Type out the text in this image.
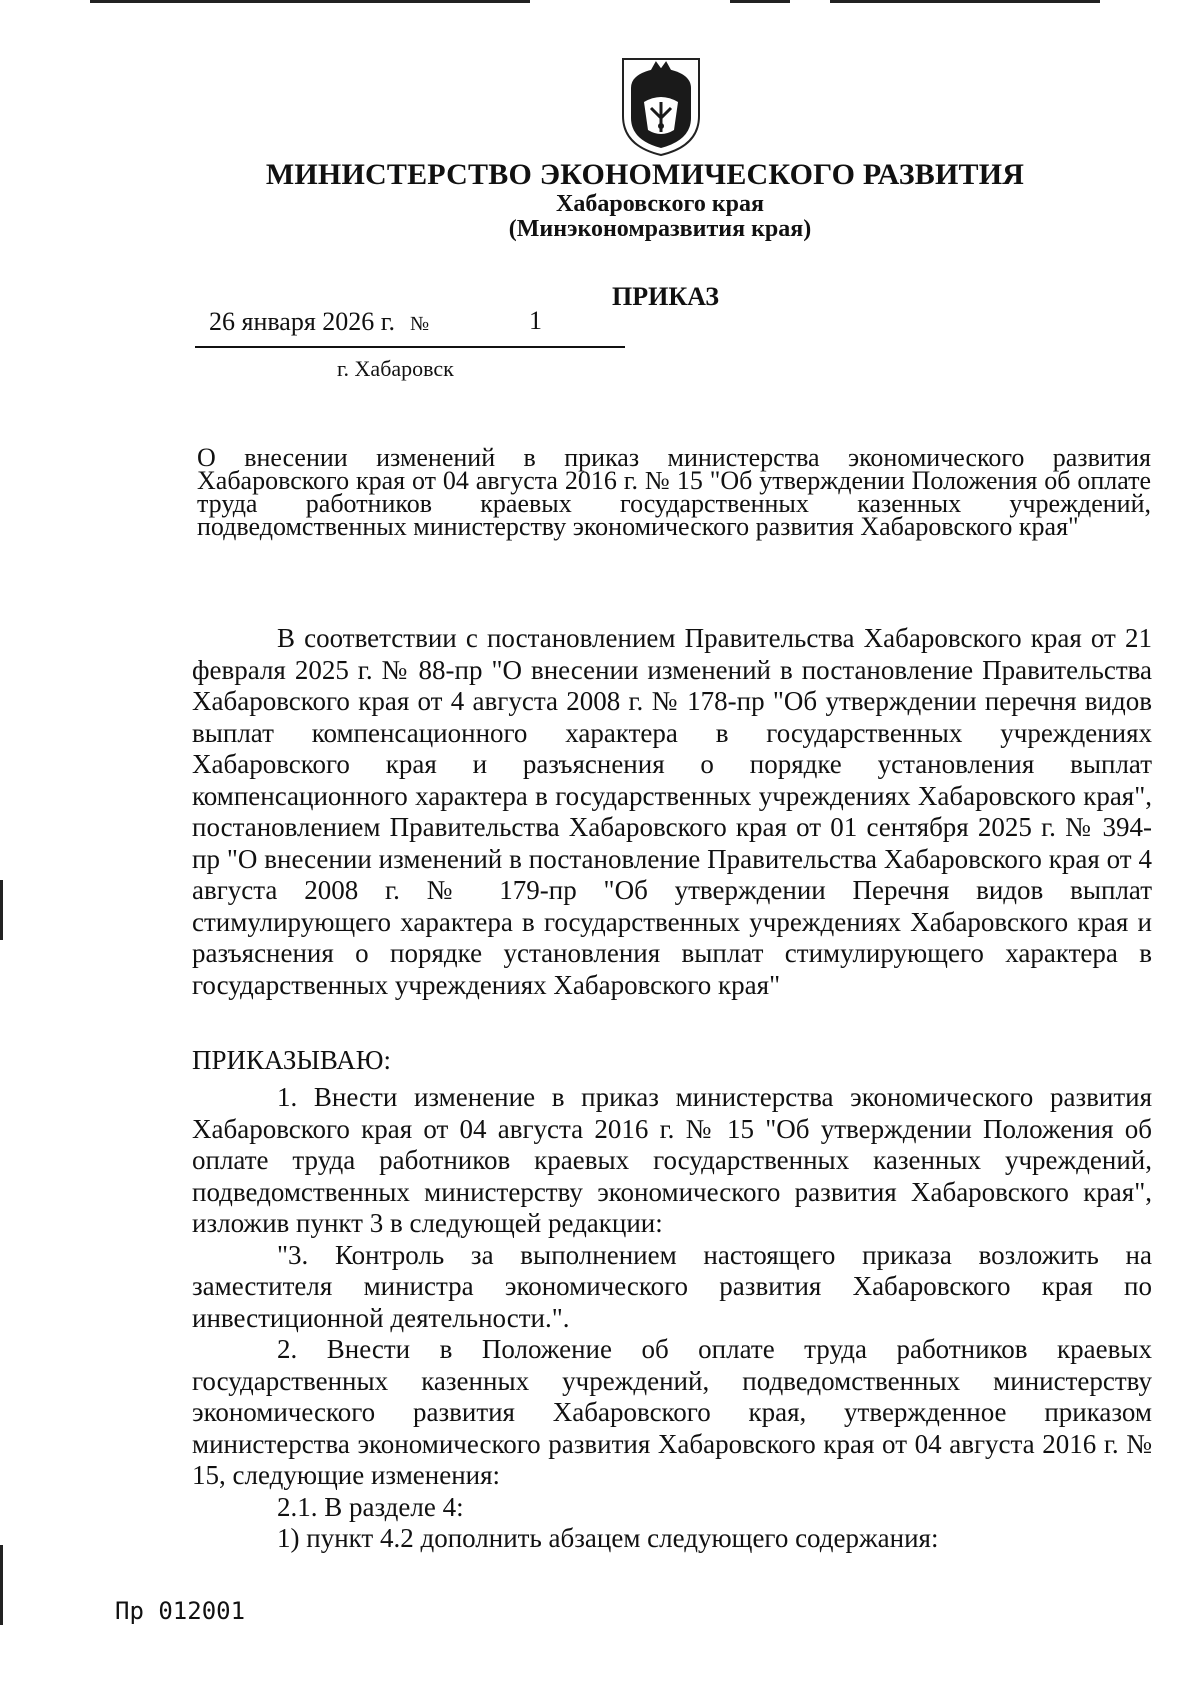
МИНИСТЕРСТВО ЭКОНОМИЧЕСКОГО РАЗВИТИЯ
Хабаровского края
(Минэкономразвития края)
ПРИКАЗ
26 января 2026 г. №	1
г. Хабаровск
О внесении изменений в приказ министерства экономического развития Хабаровского края от 04 августа 2016 г. № 15 "Об утверждении Положения об оплате труда работников краевых государственных казенных учреждений, подведомственных министерству экономического развития Хабаровского края"

В соответствии с постановлением Правительства Хабаровского края от 21 февраля 2025 г. № 88-пр "О внесении изменений в постановление Правительства Хабаровского края от 4 августа 2008 г. № 178-пр "Об утверждении перечня видов выплат компенсационного характера в государственных учреждениях Хабаровского края и разъяснения о порядке установления выплат компенсационного характера в государственных учреждениях Хабаровского края", постановлением Правительства Хабаровского края от 01 сентября 2025 г. № 394-пр "О внесении изменений в постановление Правительства Хабаровского края от 4 августа 2008 г. № 179-пр "Об утверждении Перечня видов выплат стимулирующего характера в государственных учреждениях Хабаровского края и разъяснения о порядке установления выплат стимулирующего характера в государственных учреждениях Хабаровского края"

ПРИКАЗЫВАЮ:

1. Внести изменение в приказ министерства экономического развития Хабаровского края от 04 августа 2016 г. № 15 "Об утверждении Положения об оплате труда работников краевых государственных казенных учреждений, подведомственных министерству экономического развития Хабаровского края", изложив пункт 3 в следующей редакции:

"3. Контроль за выполнением настоящего приказа возложить на заместителя министра экономического развития Хабаровского края по инвестиционной деятельности.".

2. Внести в Положение об оплате труда работников краевых государственных казенных учреждений, подведомственных министерству экономического развития Хабаровского края, утвержденное приказом министерства экономического развития Хабаровского края от 04 августа 2016 г. № 15, следующие изменения:

2.1. В разделе 4:

1) пункт 4.2 дополнить абзацем следующего содержания:

Пр 012001
